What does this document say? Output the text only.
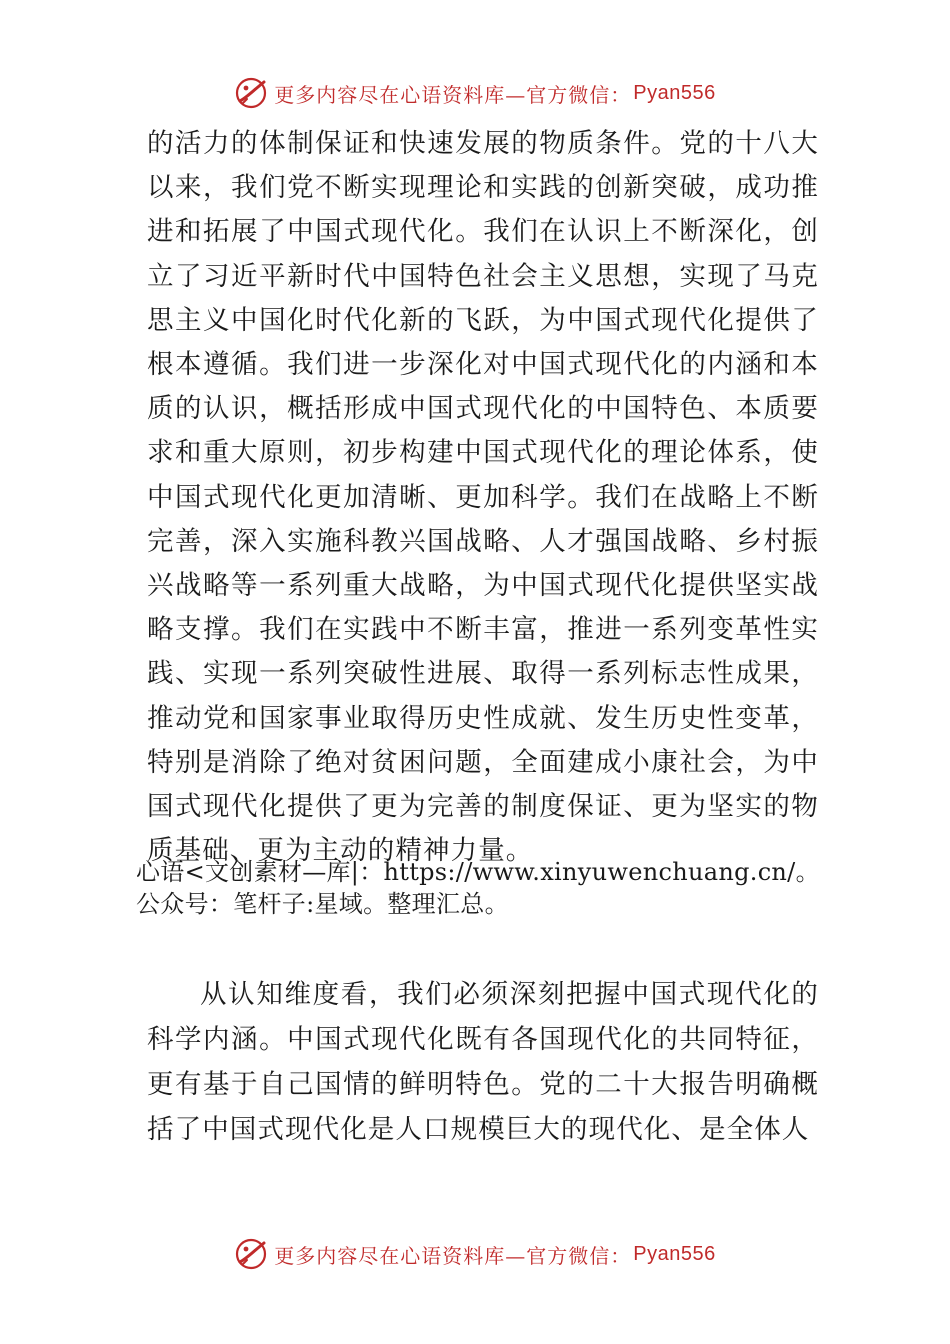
更多内容尽在心语资料库—官方微信： Pyan556

的活力的体制保证和快速发展的物质条件。党的十八大以来，我们党不断实现理论和实践的创新突破，成功推进和拓展了中国式现代化。我们在认识上不断深化，创立了习近平新时代中国特色社会主义思想，实现了马克思主义中国化时代化新的飞跃，为中国式现代化提供了根本遵循。我们进一步深化对中国式现代化的内涵和本质的认识，概括形成中国式现代化的中国特色、本质要求和重大原则，初步构建中国式现代化的理论体系，使中国式现代化更加清晰、更加科学。我们在战略上不断完善，深入实施科教兴国战略、人才强国战略、乡村振兴战略等一系列重大战略，为中国式现代化提供坚实战略支撑。我们在实践中不断丰富，推进一系列变革性实践、实现一系列突破性进展、取得一系列标志性成果，推动党和国家事业取得历史性成就、发生历史性变革，特别是消除了绝对贫困问题，全面建成小康社会，为中国式现代化提供了更为完善的制度保证、更为坚实的物质基础、更为主动的精神力量。

心语<文创素材—库|：https://www.xinyuwenchuang.cn/。公众号：笔杆子:星域。整理汇总。

从认知维度看，我们必须深刻把握中国式现代化的科学内涵。中国式现代化既有各国现代化的共同特征，更有基于自己国情的鲜明特色。党的二十大报告明确概括了中国式现代化是人口规模巨大的现代化、是全体人

更多内容尽在心语资料库—官方微信： Pyan556
